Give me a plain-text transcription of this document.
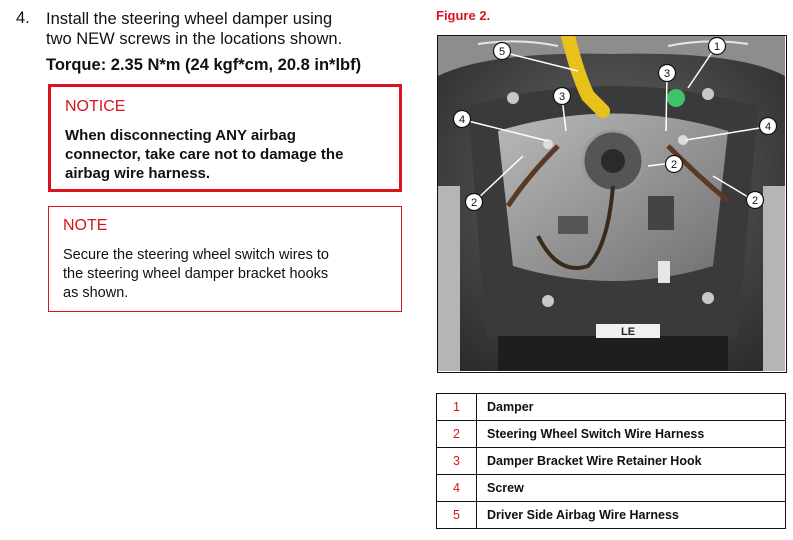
4. Install the steering wheel damper using
two NEW screws in the locations shown.
Torque: 2.35 N*m (24 kgf*cm, 20.8 in*lbf)
NOTICE
When disconnecting ANY airbag
connector, take care not to damage the
airbag wire harness.
NOTE
Secure the steering wheel switch wires to
the steering wheel damper bracket hooks
as shown.
Figure 2.
LE
5	1
3
3
4
4
2
2
2
1	Damper
2	Steering Wheel Switch Wire Harness
3	Damper Bracket Wire Retainer Hook
4	Screw
5	Driver Side Airbag Wire Harness
